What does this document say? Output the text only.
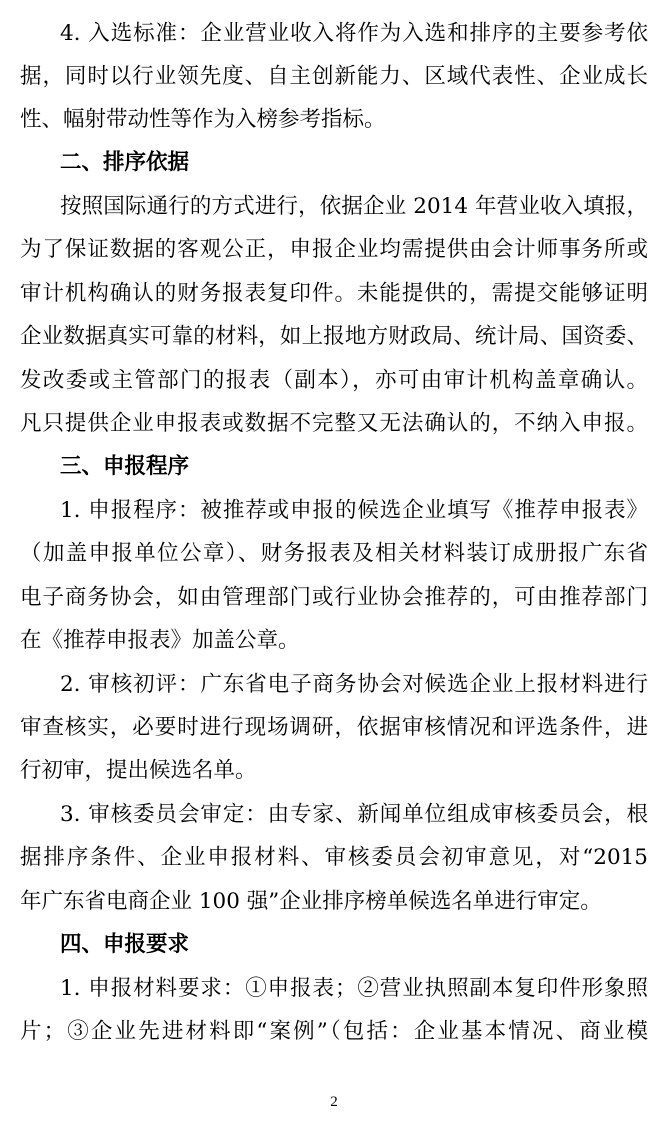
4. 入选标准：企业营业收入将作为入选和排序的主要参考依
据，同时以行业领先度、自主创新能力、区域代表性、企业成长
性、幅射带动性等作为入榜参考指标。
二、排序依据
按照国际通行的方式进行，依据企业 2014 年营业收入填报，
为了保证数据的客观公正，申报企业均需提供由会计师事务所或
审计机构确认的财务报表复印件。未能提供的，需提交能够证明
企业数据真实可靠的材料，如上报地方财政局、统计局、国资委、
发改委或主管部门的报表（副本），亦可由审计机构盖章确认。
凡只提供企业申报表或数据不完整又无法确认的，不纳入申报。
三、申报程序
1. 申报程序：被推荐或申报的候选企业填写《推荐申报表》
（加盖申报单位公章）、财务报表及相关材料装订成册报广东省
电子商务协会，如由管理部门或行业协会推荐的，可由推荐部门
在《推荐申报表》加盖公章。
2. 审核初评：广东省电子商务协会对候选企业上报材料进行
审查核实，必要时进行现场调研，依据审核情况和评选条件，进
行初审，提出候选名单。
3. 审核委员会审定：由专家、新闻单位组成审核委员会，根
据排序条件、企业申报材料、审核委员会初审意见，对“2015
年广东省电商企业 100 强”企业排序榜单候选名单进行审定。
四、申报要求
1. 申报材料要求：①申报表；②营业执照副本复印件形象照
片；③企业先进材料即“案例”（包括：企业基本情况、商业模
2
